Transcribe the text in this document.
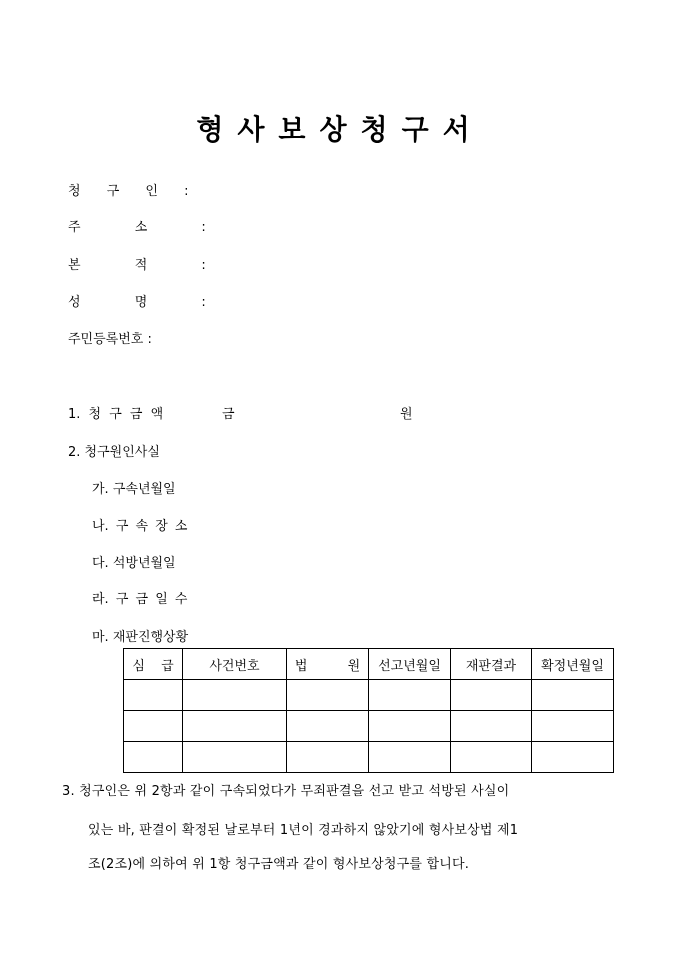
형사보상청구서
청 구 인 :
주 소 :
본 적 :
성 명 :
주민등록번호 :
1. 청 구 금 액	금	원
2. 청구원인사실
가. 구속년월일
나. 구 속 장 소
다. 석방년월일
라. 구 금 일 수
마. 재판진행상황
심 급	사건번호	법 원	선고년월일	재판결과	확정년월일

3. 청구인은 위 2항과 같이 구속되었다가 무죄판결을 선고 받고 석방된 사실이
있는 바, 판결이 확정된 날로부터 1년이 경과하지 않았기에 형사보상법 제1
조(2조)에 의하여 위 1항 청구금액과 같이 형사보상청구를 합니다.
